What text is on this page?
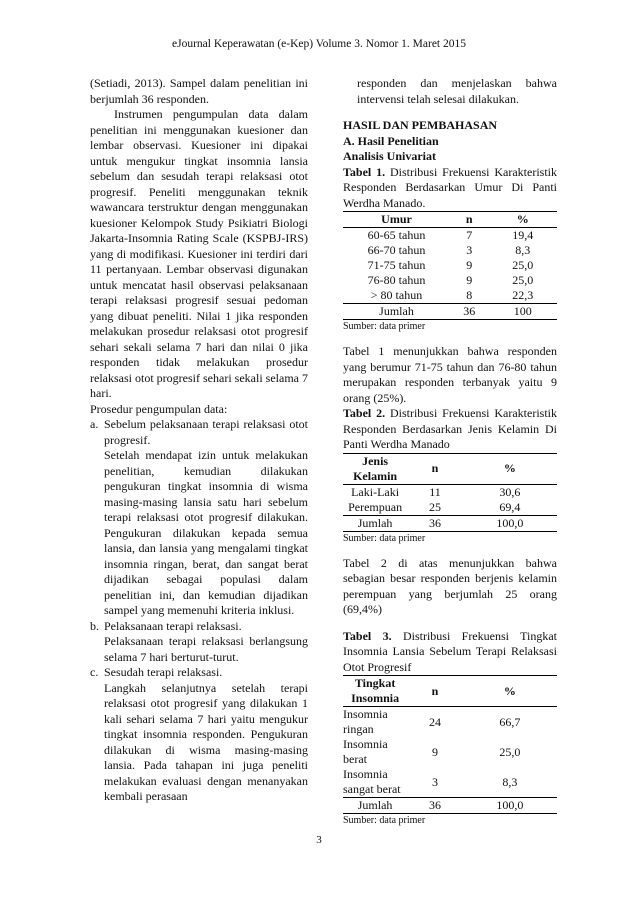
eJournal Keperawatan (e-Kep) Volume 3. Nomor 1. Maret 2015

(Setiadi, 2013). Sampel dalam penelitian ini berjumlah 36 responden.

Instrumen pengumpulan data dalam penelitian ini menggunakan kuesioner dan lembar observasi. Kuesioner ini dipakai untuk mengukur tingkat insomnia lansia sebelum dan sesudah terapi relaksasi otot progresif. Peneliti menggunakan teknik wawancara terstruktur dengan menggunakan kuesioner Kelompok Study Psikiatri Biologi Jakarta-Insomnia Rating Scale (KSPBJ-IRS) yang di modifikasi. Kuesioner ini terdiri dari 11 pertanyaan. Lembar observasi digunakan untuk mencatat hasil observasi pelaksanaan terapi relaksasi progresif sesuai pedoman yang dibuat peneliti. Nilai 1 jika responden melakukan prosedur relaksasi otot progresif sehari sekali selama 7 hari dan nilai 0 jika responden tidak melakukan prosedur relaksasi otot progresif sehari sekali selama 7 hari.

Prosedur pengumpulan data:

a. Sebelum pelaksanaan terapi relaksasi otot progresif.

Setelah mendapat izin untuk melakukan penelitian, kemudian dilakukan pengukuran tingkat insomnia di wisma masing-masing lansia satu hari sebelum terapi relaksasi otot progresif dilakukan. Pengukuran dilakukan kepada semua lansia, dan lansia yang mengalami tingkat insomnia ringan, berat, dan sangat berat dijadikan sebagai populasi dalam penelitian ini, dan kemudian dijadikan sampel yang memenuhi kriteria inklusi.

b. Pelaksanaan terapi relaksasi.

Pelaksanaan terapi relaksasi berlangsung selama 7 hari berturut-turut.

c. Sesudah terapi relaksasi.

Langkah selanjutnya setelah terapi relaksasi otot progresif yang dilakukan 1 kali sehari selama 7 hari yaitu mengukur tingkat insomnia responden. Pengukuran dilakukan di wisma masing-masing lansia. Pada tahapan ini juga peneliti melakukan evaluasi dengan menanyakan kembali perasaan

responden dan menjelaskan bahwa intervensi telah selesai dilakukan.

HASIL DAN PEMBAHASAN
A. Hasil Penelitian
Analisis Univariat

Tabel 1. Distribusi Frekuensi Karakteristik Responden Berdasarkan Umur Di Panti Werdha Manado.

Umur	n	%
60-65 tahun	7	19,4
66-70 tahun	3	8,3
71-75 tahun	9	25,0
76-80 tahun	9	25,0
> 80 tahun	8	22,3
Jumlah	36	100
Sumber: data primer

Tabel 1 menunjukkan bahwa responden yang berumur 71-75 tahun dan 76-80 tahun merupakan responden terbanyak yaitu 9 orang (25%).

Tabel 2. Distribusi Frekuensi Karakteristik Responden Berdasarkan Jenis Kelamin Di Panti Werdha Manado

Jenis Kelamin	n	%
Laki-Laki	11	30,6
Perempuan	25	69,4
Jumlah	36	100,0
Sumber: data primer

Tabel 2 di atas menunjukkan bahwa sebagian besar responden berjenis kelamin perempuan yang berjumlah 25 orang (69,4%)

Tabel 3. Distribusi Frekuensi Tingkat Insomnia Lansia Sebelum Terapi Relaksasi Otot Progresif

Tingkat Insomnia	n	%
Insomnia ringan	24	66,7
Insomnia berat	9	25,0
Insomnia sangat berat	3	8,3
Jumlah	36	100,0
Sumber: data primer
3
